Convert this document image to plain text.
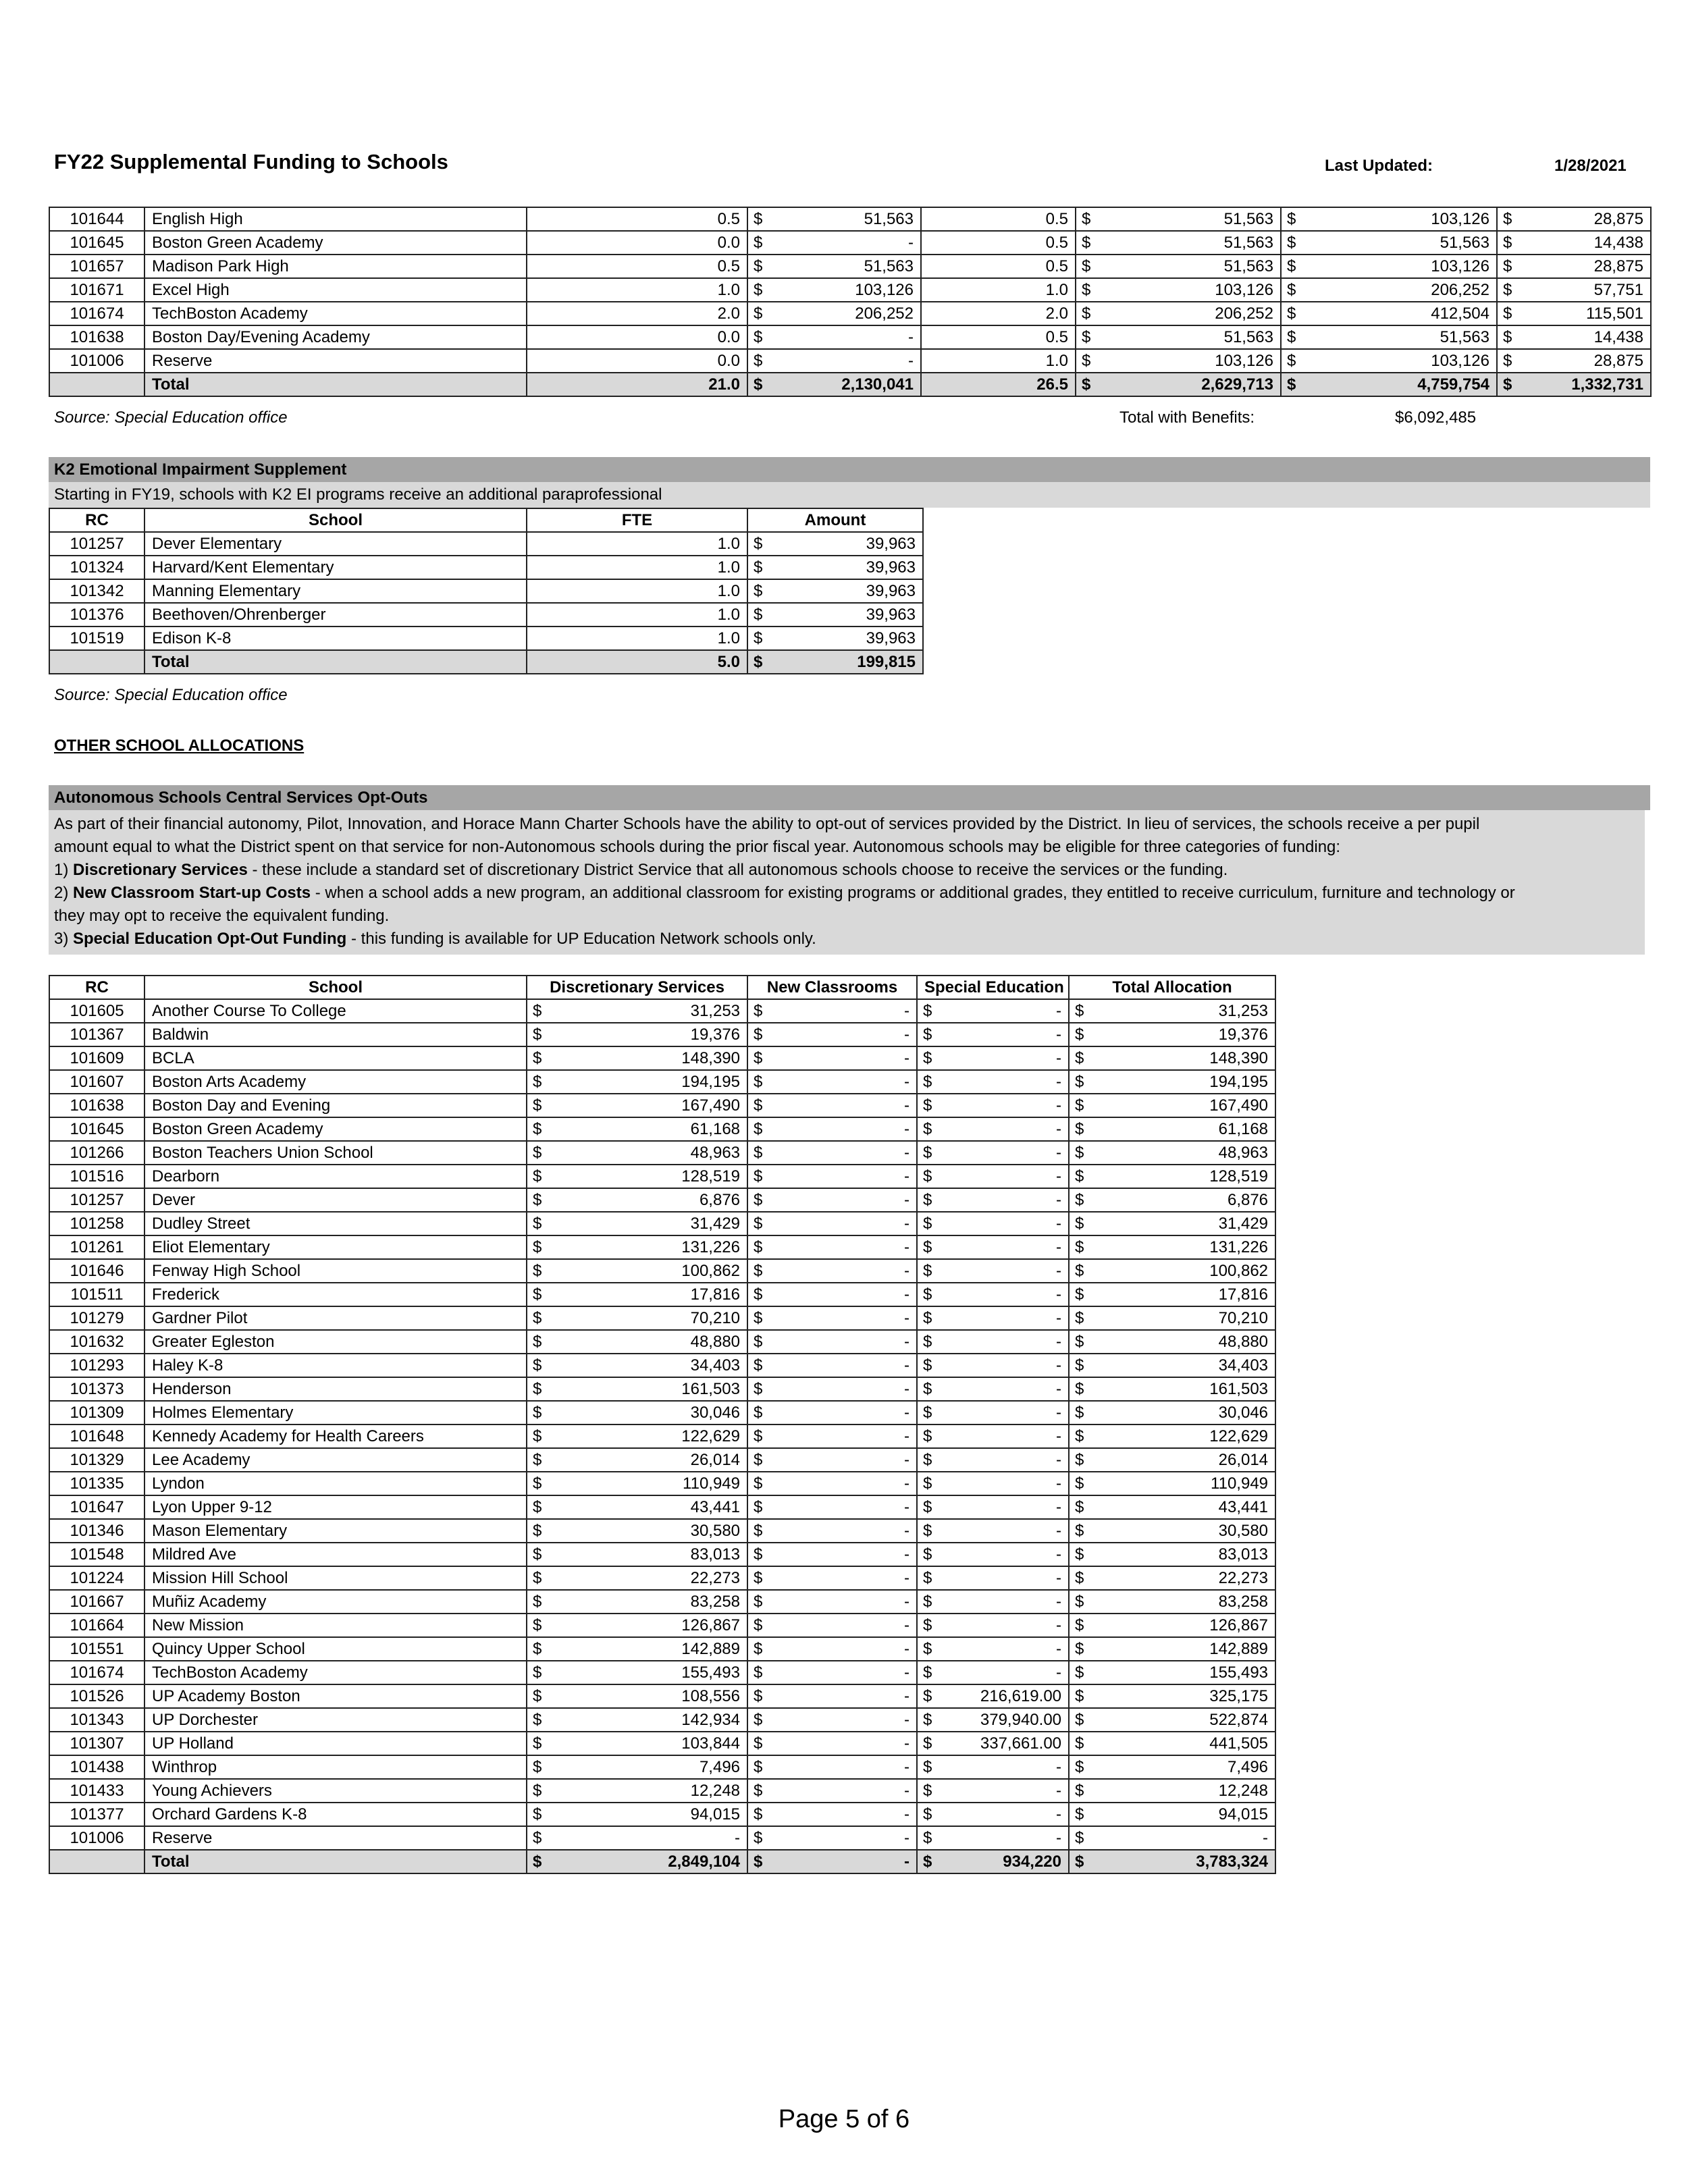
FY22 Supplemental Funding to Schools	Last Updated:	1/28/2021
101644	English High	0.5	$	51,563	0.5	$	51,563	$	103,126	$	28,875
101645	Boston Green Academy	0.0	$	-	0.5	$	51,563	$	51,563	$	14,438
101657	Madison Park High	0.5	$	51,563	0.5	$	51,563	$	103,126	$	28,875
101671	Excel High	1.0	$	103,126	1.0	$	103,126	$	206,252	$	57,751
101674	TechBoston Academy	2.0	$	206,252	2.0	$	206,252	$	412,504	$	115,501
101638	Boston Day/Evening Academy	0.0	$	-	0.5	$	51,563	$	51,563	$	14,438
101006	Reserve	0.0	$	-	1.0	$	103,126	$	103,126	$	28,875
	Total	21.0	$	2,130,041	26.5	$	2,629,713	$	4,759,754	$	1,332,731
Source: Special Education office	Total with Benefits:	$6,092,485
K2 Emotional Impairment Supplement
Starting in FY19, schools with K2 EI programs receive an additional paraprofessional
RC	School	FTE	Amount	
101257	Dever Elementary	1.0	$	39,963
101324	Harvard/Kent Elementary	1.0	$	39,963
101342	Manning Elementary	1.0	$	39,963
101376	Beethoven/Ohrenberger	1.0	$	39,963
101519	Edison K-8	1.0	$	39,963
	Total	5.0	$	199,815
Source: Special Education office
OTHER SCHOOL ALLOCATIONS
Autonomous Schools Central Services Opt-Outs
As part of their financial autonomy, Pilot, Innovation, and Horace Mann Charter Schools have the ability to opt-out of services provided by the District. In lieu of services, the schools receive a per pupil
amount equal to what the District spent on that service for non-Autonomous schools during the prior fiscal year. Autonomous schools may be eligible for three categories of funding:
1) Discretionary Services - these include a standard set of discretionary District Service that all autonomous schools choose to receive the services or the funding.
2) New Classroom Start-up Costs - when a school adds a new program, an additional classroom for existing programs or additional grades, they entitled to receive curriculum, furniture and technology or
they may opt to receive the equivalent funding.
3) Special Education Opt-Out Funding - this funding is available for UP Education Network schools only.
RC	School	Discretionary Services		New Classrooms		Special Education		Total Allocation	
101605	Another Course To College	$	31,253	$	-	$	-	$	31,253
101367	Baldwin	$	19,376	$	-	$	-	$	19,376
101609	BCLA	$	148,390	$	-	$	-	$	148,390
101607	Boston Arts Academy	$	194,195	$	-	$	-	$	194,195
101638	Boston Day and Evening	$	167,490	$	-	$	-	$	167,490
101645	Boston Green Academy	$	61,168	$	-	$	-	$	61,168
101266	Boston Teachers Union School	$	48,963	$	-	$	-	$	48,963
101516	Dearborn	$	128,519	$	-	$	-	$	128,519
101257	Dever	$	6,876	$	-	$	-	$	6,876
101258	Dudley Street	$	31,429	$	-	$	-	$	31,429
101261	Eliot Elementary	$	131,226	$	-	$	-	$	131,226
101646	Fenway High School	$	100,862	$	-	$	-	$	100,862
101511	Frederick	$	17,816	$	-	$	-	$	17,816
101279	Gardner Pilot	$	70,210	$	-	$	-	$	70,210
101632	Greater Egleston	$	48,880	$	-	$	-	$	48,880
101293	Haley K-8	$	34,403	$	-	$	-	$	34,403
101373	Henderson	$	161,503	$	-	$	-	$	161,503
101309	Holmes Elementary	$	30,046	$	-	$	-	$	30,046
101648	Kennedy Academy for Health Careers	$	122,629	$	-	$	-	$	122,629
101329	Lee Academy	$	26,014	$	-	$	-	$	26,014
101335	Lyndon	$	110,949	$	-	$	-	$	110,949
101647	Lyon Upper 9-12	$	43,441	$	-	$	-	$	43,441
101346	Mason Elementary	$	30,580	$	-	$	-	$	30,580
101548	Mildred Ave	$	83,013	$	-	$	-	$	83,013
101224	Mission Hill School	$	22,273	$	-	$	-	$	22,273
101667	Muñiz Academy	$	83,258	$	-	$	-	$	83,258
101664	New Mission	$	126,867	$	-	$	-	$	126,867
101551	Quincy Upper School	$	142,889	$	-	$	-	$	142,889
101674	TechBoston Academy	$	155,493	$	-	$	-	$	155,493
101526	UP Academy Boston	$	108,556	$	-	$	216,619.00	$	325,175
101343	UP Dorchester	$	142,934	$	-	$	379,940.00	$	522,874
101307	UP Holland	$	103,844	$	-	$	337,661.00	$	441,505
101438	Winthrop	$	7,496	$	-	$	-	$	7,496
101433	Young Achievers	$	12,248	$	-	$	-	$	12,248
101377	Orchard Gardens K-8	$	94,015	$	-	$	-	$	94,015
101006	Reserve	$	-	$	-	$	-	$	-
	Total	$	2,849,104	$	-	$	934,220	$	3,783,324
Page 5 of 6
